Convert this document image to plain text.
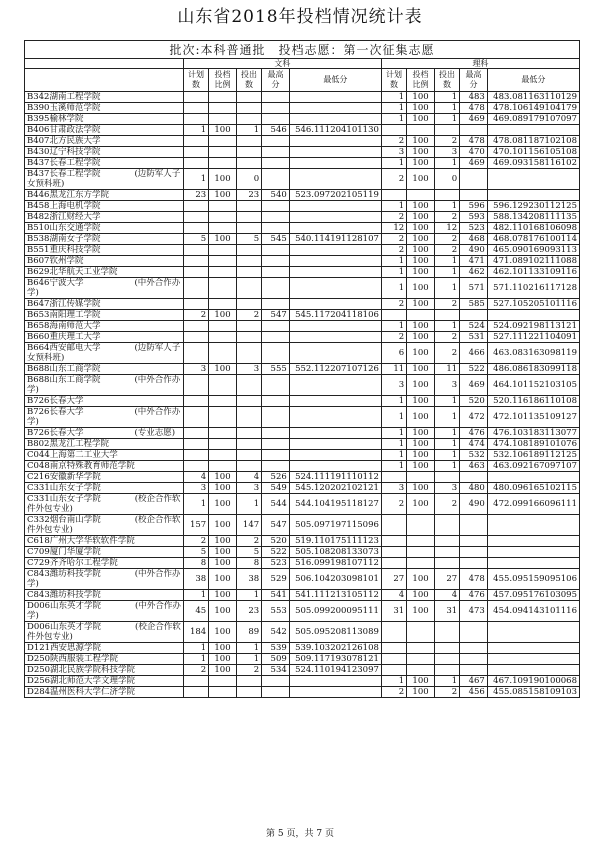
山东省2018年投档情况统计表
批次:本科普通批　投档志愿：第一次征集志愿										
	文科					理科				
	计划数	投档比例	投出数	最高分	最低分	计划数	投档比例	投出数	最高分	最低分
B342湖南工程学院						1	100	1	483	483.081163110129
B390玉溪师范学院						1	100	1	478	478.106149104179
B395榆林学院						1	100	1	469	469.089179107097
B406甘肃政法学院	1	100	1	546	546.111204101130					
B407北方民族大学						2	100	2	478	478.081187102108
B430辽宁科技学院						3	100	3	470	470.101156105108
B437长春工程学院						1	100	1	469	469.093158116102
B437长春工程学院　　　　(边防军人子女预科班)	1	100	0			2	100	0		
B446黑龙江东方学院	23	100	23	540	523.097202105119					
B458上海电机学院						1	100	1	596	596.129230112125
B482浙江财经大学						2	100	2	593	588.134208111135
B510山东交通学院						12	100	12	523	482.110168106098
B538湖南女子学院	5	100	5	545	540.114191128107	2	100	2	468	468.078176100114
B551重庆科技学院						2	100	2	490	465.090169093113
B607钦州学院						1	100	1	471	471.089102111088
B629北华航天工业学院						1	100	1	462	462.101133109116
B646宁波大学　　　　　　(中外合作办学)						1	100	1	571	571.110216117128
B647浙江传媒学院						2	100	2	585	527.105205101116
B653南阳理工学院	2	100	2	547	545.117204118106					
B658海南师范大学						1	100	1	524	524.092198113121
B660重庆理工大学						2	100	2	531	527.111221104091
B664西安邮电大学　　　　(边防军人子女预科班)						6	100	2	466	463.083163098119
B688山东工商学院	3	100	3	555	552.112207107126	11	100	11	522	486.086183099118
B688山东工商学院　　　　(中外合作办学)						3	100	3	469	464.101152103105
B726长春大学						1	100	1	520	520.116186110108
B726长春大学　　　　　　(中外合作办学)						1	100	1	472	472.101135109127
B726长春大学　　　　　　(专业志愿)						1	100	1	476	476.103183113077
B802黑龙江工程学院						1	100	1	474	474.108189101076
C044上海第二工业大学						1	100	1	532	532.106189112125
C048南京特殊教育师范学院						1	100	1	463	463.092167097107
C216安徽新华学院	4	100	4	526	524.111191110112					
C331山东女子学院	3	100	3	549	545.120202102121	3	100	3	480	480.096165102115
C331山东女子学院　　　　(校企合作软件外包专业)	1	100	1	544	544.104195118127	2	100	2	490	472.099166096111
C332烟台南山学院　　　　(校企合作软件外包专业)	157	100	147	547	505.097197115096					
C618广州大学华软软件学院	2	100	2	520	519.110175111123					
C709厦门华厦学院	5	100	5	522	505.108208133073					
C729齐齐哈尔工程学院	8	100	8	523	516.099198107112					
C843潍坊科技学院　　　　(中外合作办学)	38	100	38	529	506.104203098101	27	100	27	478	455.095159095106
C843潍坊科技学院	1	100	1	541	541.111213105112	4	100	4	476	457.095176103095
D006山东英才学院　　　　(中外合作办学)	45	100	23	553	505.099200095111	31	100	31	473	454.094143101116
D006山东英才学院　　　　(校企合作软件外包专业)	184	100	89	542	505.095208113089					
D121西安思源学院	1	100	1	539	539.103202126108					
D250陕西服装工程学院	1	100	1	509	509.117193078121					
D250湖北民族学院科技学院	2	100	2	534	524.110194123097					
D256湖北师范大学文理学院						1	100	1	467	467.109190100068
D284温州医科大学仁济学院						2	100	2	456	455.085158109103
第 5 页，共 7 页
